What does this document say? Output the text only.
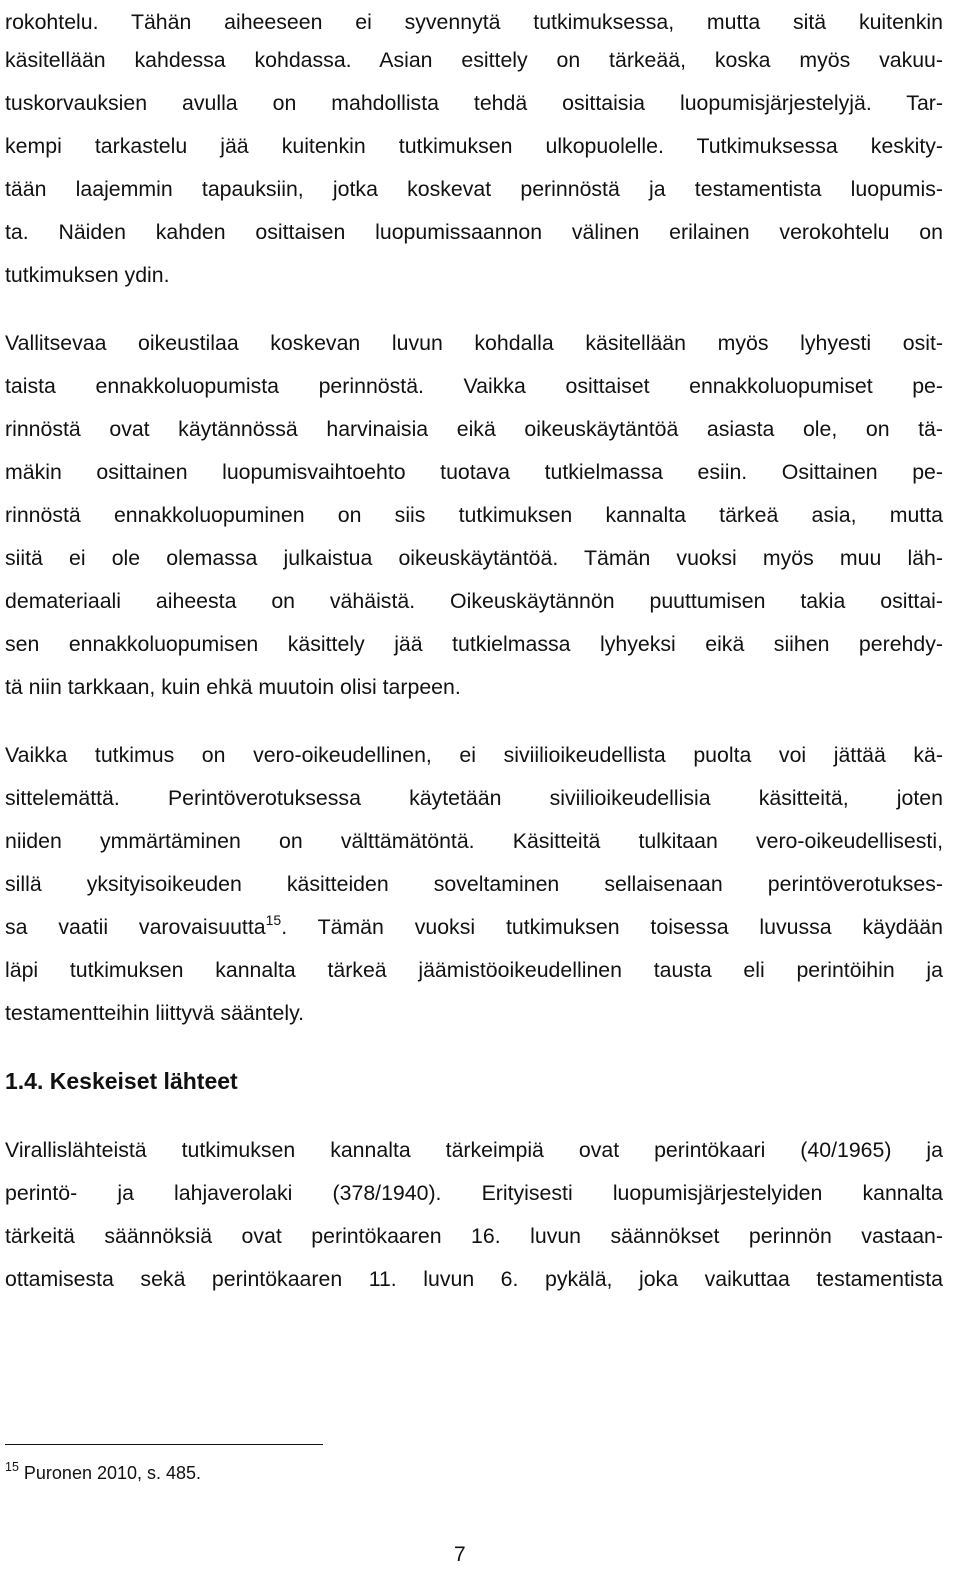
rokohtelu. Tähän aiheeseen ei syvennytä tutkimuksessa, mutta sitä kuitenkin
käsitellään kahdessa kohdassa. Asian esittely on tärkeää, koska myös vakuu-
tuskorvauksien avulla on mahdollista tehdä osittaisia luopumisjärjestelyjä. Tar-
kempi tarkastelu jää kuitenkin tutkimuksen ulkopuolelle. Tutkimuksessa keskity-
tään laajemmin tapauksiin, jotka koskevat perinnöstä ja testamentista luopumis-
ta. Näiden kahden osittaisen luopumissaannon välinen erilainen verokohtelu on
tutkimuksen ydin.
Vallitsevaa oikeustilaa koskevan luvun kohdalla käsitellään myös lyhyesti osit-
taista ennakkoluopumista perinnöstä. Vaikka osittaiset ennakkoluopumiset pe-
rinnöstä ovat käytännössä harvinaisia eikä oikeuskäytäntöä asiasta ole, on tä-
mäkin osittainen luopumisvaihtoehto tuotava tutkielmassa esiin. Osittainen pe-
rinnöstä ennakkoluopuminen on siis tutkimuksen kannalta tärkeä asia, mutta
siitä ei ole olemassa julkaistua oikeuskäytäntöä. Tämän vuoksi myös muu läh-
demateriaali aiheesta on vähäistä. Oikeuskäytännön puuttumisen takia osittai-
sen ennakkoluopumisen käsittely jää tutkielmassa lyhyeksi eikä siihen perehdy-
tä niin tarkkaan, kuin ehkä muutoin olisi tarpeen.
Vaikka tutkimus on vero-oikeudellinen, ei siviilioikeudellista puolta voi jättää kä-
sittelemättä. Perintöverotuksessa käytetään siviilioikeudellisia käsitteitä, joten
niiden ymmärtäminen on välttämätöntä. Käsitteitä tulkitaan vero-oikeudellisesti,
sillä yksityisoikeuden käsitteiden soveltaminen sellaisenaan perintöverotukses-
sa vaatii varovaisuutta$^{15}$. Tämän vuoksi tutkimuksen toisessa luvussa käydään
läpi tutkimuksen kannalta tärkeä jäämistöoikeudellinen tausta eli perintöihin ja
testamentteihin liittyvä sääntely.
1.4. Keskeiset lähteet
Virallislähteistä tutkimuksen kannalta tärkeimpiä ovat perintökaari (40/1965) ja
perintö- ja lahjaverolaki (378/1940). Erityisesti luopumisjärjestelyiden kannalta
tärkeitä säännöksiä ovat perintökaaren 16. luvun säännökset perinnön vastaan-
ottamisesta sekä perintökaaren 11. luvun 6. pykälä, joka vaikuttaa testamentista
$^{15}$ Puronen 2010, s. 485.
7
